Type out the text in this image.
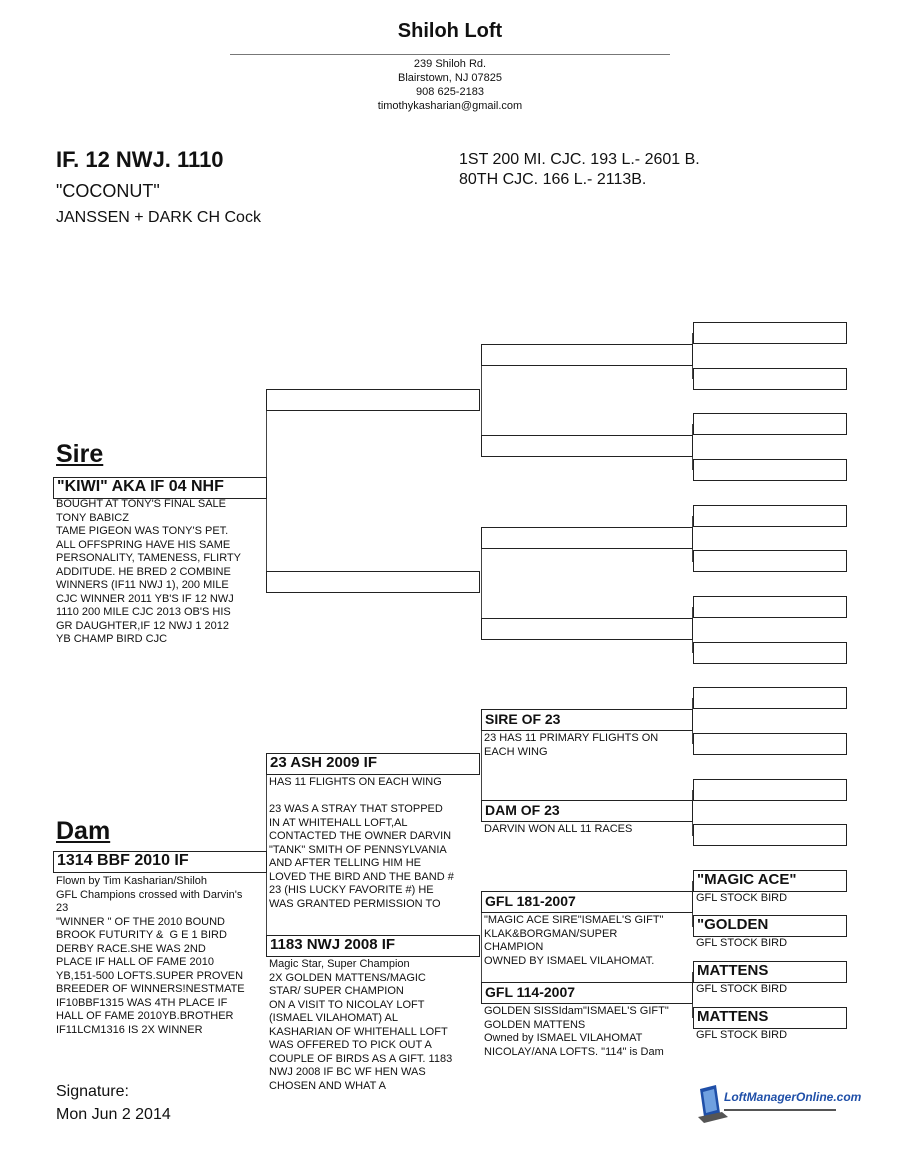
Shiloh Loft
239 Shiloh Rd.
Blairstown, NJ 07825
908 625-2183
timothykasharian@gmail.com
IF. 12 NWJ. 1110
"COCONUT"
JANSSEN + DARK CH Cock
1ST 200 MI. CJC. 193 L.- 2601 B.
80TH CJC. 166 L.- 2113B.
Sire
"KIWI" AKA IF 04 NHF
BOUGHT AT TONY'S FINAL SALE
TONY BABICZ
TAME PIGEON WAS TONY'S PET.
ALL OFFSPRING HAVE HIS SAME
PERSONALITY, TAMENESS, FLIRTY
ADDITUDE. HE BRED 2 COMBINE
WINNERS (IF11 NWJ 1), 200 MILE
CJC WINNER 2011 YB'S IF 12 NWJ
1110 200 MILE CJC 2013 OB'S HIS
GR DAUGHTER,IF 12 NWJ 1 2012
YB CHAMP BIRD CJC
Dam
1314 BBF 2010 IF
Flown by Tim Kasharian/Shiloh
GFL Champions crossed with Darvin's
23
"WINNER " OF THE 2010 BOUND
BROOK FUTURITY &  G E 1 BIRD
DERBY RACE.SHE WAS 2ND
PLACE IF HALL OF FAME 2010
YB,151-500 LOFTS.SUPER PROVEN
BREEDER OF WINNERS!NESTMATE
IF10BBF1315 WAS 4TH PLACE IF
HALL OF FAME 2010YB.BROTHER
IF11LCM1316 IS 2X WINNER
23 ASH 2009 IF
HAS 11 FLIGHTS ON EACH WING

23 WAS A STRAY THAT STOPPED
IN AT WHITEHALL LOFT,AL
CONTACTED THE OWNER DARVIN
"TANK" SMITH OF PENNSYLVANIA
AND AFTER TELLING HIM HE
LOVED THE BIRD AND THE BAND #
23 (HIS LUCKY FAVORITE #) HE
WAS GRANTED PERMISSION TO
1183 NWJ 2008 IF
Magic Star, Super Champion
2X GOLDEN MATTENS/MAGIC
STAR/ SUPER CHAMPION
ON A VISIT TO NICOLAY LOFT
(ISMAEL VILAHOMAT) AL
KASHARIAN OF WHITEHALL LOFT
WAS OFFERED TO PICK OUT A
COUPLE OF BIRDS AS A GIFT. 1183
NWJ 2008 IF BC WF HEN WAS
CHOSEN AND WHAT A
SIRE OF 23
23 HAS 11 PRIMARY FLIGHTS ON
EACH WING
DAM OF 23
DARVIN WON ALL 11 RACES
GFL 181-2007
"MAGIC ACE SIRE"ISMAEL'S GIFT"
KLAK&BORGMAN/SUPER
CHAMPION
OWNED BY ISMAEL VILAHOMAT.
GFL 114-2007
GOLDEN SISSIdam"ISMAEL'S GIFT"
GOLDEN MATTENS
Owned by ISMAEL VILAHOMAT
NICOLAY/ANA LOFTS. "114" is Dam
"MAGIC ACE"
GFL STOCK BIRD
"GOLDEN
GFL STOCK BIRD
MATTENS
GFL STOCK BIRD
MATTENS
GFL STOCK BIRD
Signature:
Mon Jun 2 2014
LoftManagerOnline.com
